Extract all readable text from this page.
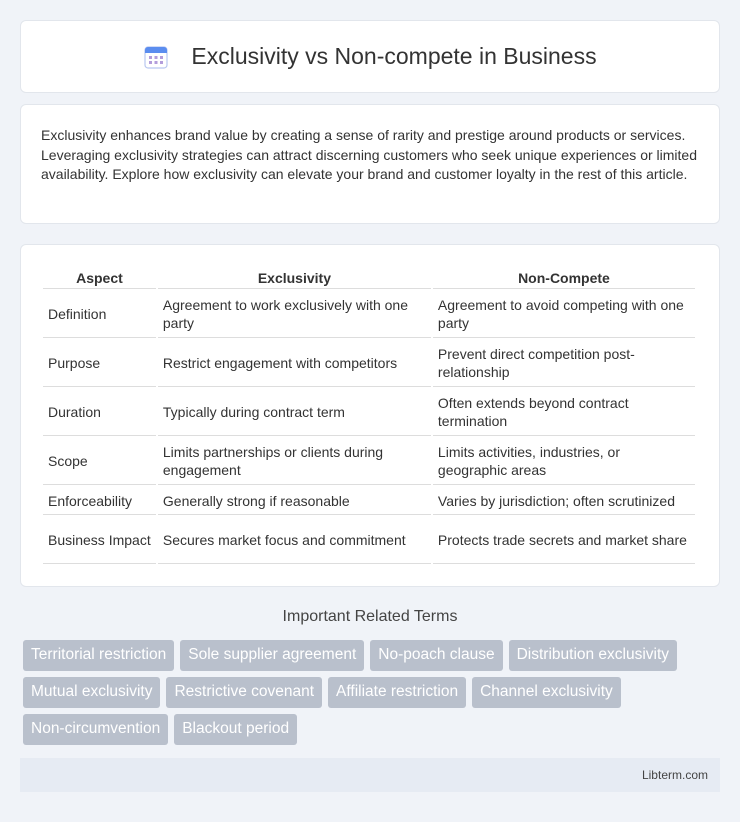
Exclusivity vs Non-compete in Business

Exclusivity enhances brand value by creating a sense of rarity and prestige around products or services. Leveraging exclusivity strategies can attract discerning customers who seek unique experiences or limited availability. Explore how exclusivity can elevate your brand and customer loyalty in the rest of this article.

Aspect	Exclusivity	Non-Compete
Definition	Agreement to work exclusively with one party	Agreement to avoid competing with one party
Purpose	Restrict engagement with competitors	Prevent direct competition post-relationship
Duration	Typically during contract term	Often extends beyond contract termination
Scope	Limits partnerships or clients during engagement	Limits activities, industries, or geographic areas
Enforceability	Generally strong if reasonable	Varies by jurisdiction; often scrutinized
Business Impact	Secures market focus and commitment	Protects trade secrets and market share
Important Related Terms
Territorial restriction	Sole supplier agreement	No-poach clause	Distribution exclusivity
Mutual exclusivity	Restrictive covenant	Affiliate restriction	Channel exclusivity
Non-circumvention	Blackout period
Libterm.com
